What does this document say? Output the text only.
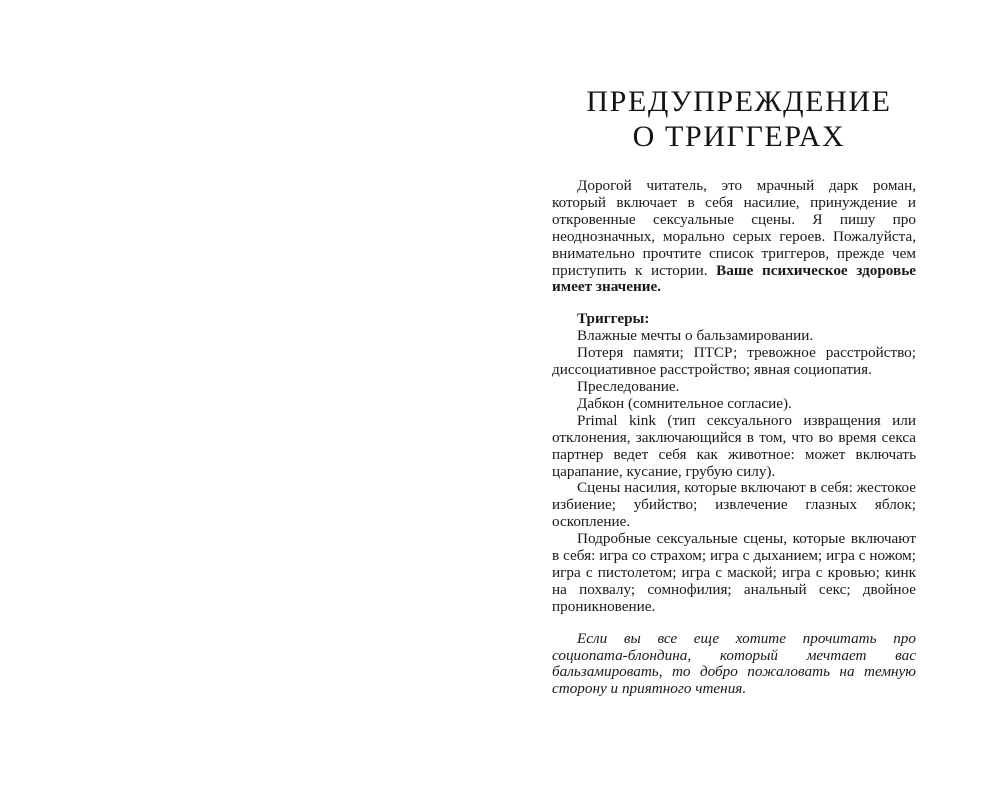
ПРЕДУПРЕЖДЕНИЕ
О ТРИГГЕРАХ

Дорогой читатель, это мрачный дарк роман, который включает в себя насилие, принуждение и откровенные сексуальные сцены. Я пишу про неоднозначных, морально серых героев. Пожалуйста, внимательно прочтите список триггеров, прежде чем приступить к истории. Ваше психическое здоровье имеет значение.

Триггеры:

Влажные мечты о бальзамировании.

Потеря памяти; ПТСР; тревожное расстройство; диссоциативное расстройство; явная социопатия.

Преследование.

Дабкон (сомнительное согласие).

Primal kink (тип сексуального извращения или отклонения, заключающийся в том, что во время секса партнер ведет себя как животное: может включать царапание, кусание, грубую силу).

Сцены насилия, которые включают в себя: жестокое избиение; убийство; извлечение глазных яблок; оскопление.

Подробные сексуальные сцены, которые включают в себя: игра со страхом; игра с дыханием; игра с ножом; игра с пистолетом; игра с маской; игра с кровью; кинк на похвалу; сомнофилия; анальный секс; двойное проникновение.

Если вы все еще хотите прочитать про социопата-блондина, который мечтает вас бальзамировать, то добро пожаловать на темную сторону и приятного чтения.
